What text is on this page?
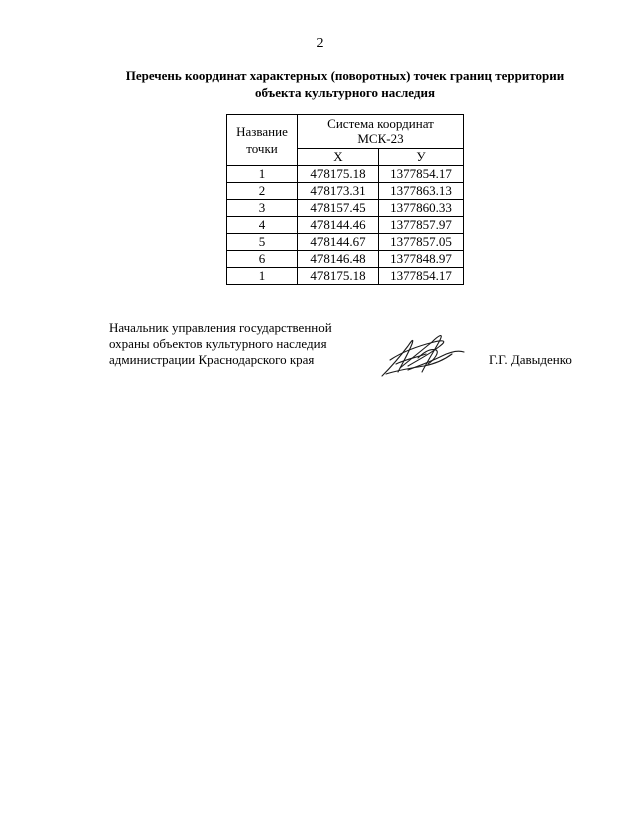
2
Перечень координат характерных (поворотных) точек границ территории
объекта культурного наследия
Название точки	Система координат
МСК-23	

	X	У
1	478175.18	1377854.17
2	478173.31	1377863.13
3	478157.45	1377860.33
4	478144.46	1377857.97
5	478144.67	1377857.05
6	478146.48	1377848.97
1	478175.18	1377854.17
Начальник управления государственной
охраны объектов культурного наследия
администрации Краснодарского края	Г.Г. Давыденко
